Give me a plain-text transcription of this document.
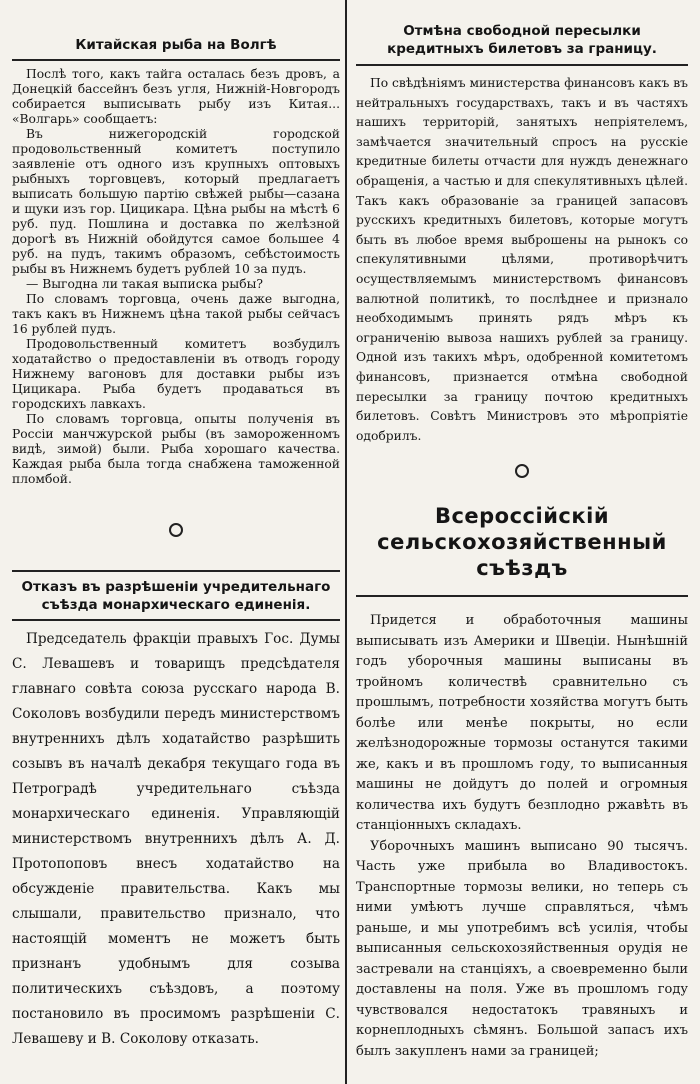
Китайская рыба на Волгѣ

Послѣ того, какъ тайга осталась безъ дровъ, а Донецкій бассейнъ безъ угля, Нижній-Новгородъ собирается выписывать рыбу изъ Китая... «Волгарь» сообщаетъ:

Въ нижегородскій городской продовольственный комитетъ поступило заявленіе отъ одного изъ крупныхъ оптовыхъ рыбныхъ торговцевъ, который предлагаетъ выписать большую партію свѣжей рыбы—сазана и щуки изъ гор. Цицикара. Цѣна рыбы на мѣстѣ 6 руб. пуд. Пошлина и доставка по желѣзной дорогѣ въ Нижній обойдутся самое большее 4 руб. на пудъ, такимъ образомъ, себѣстоимость рыбы въ Нижнемъ будетъ рублей 10 за пудъ.

— Выгодна ли такая выписка рыбы?

По словамъ торговца, очень даже выгодна, такъ какъ въ Нижнемъ цѣна такой рыбы сейчасъ 16 рублей пудъ.

Продовольственный комитетъ возбудилъ ходатайство о предоставленіи въ отводъ городу Нижнему вагоновъ для доставки рыбы изъ Цицикара. Рыба будетъ продаваться въ городскихъ лавкахъ.

По словамъ торговца, опыты полученія въ Россіи манчжурской рыбы (въ замороженномъ видѣ, зимой) были. Рыба хорошаго качества. Каждая рыба была тогда снабжена таможенной пломбой.

Отказъ въ разрѣшеніи учредительнаго съѣзда монархическаго единенія.

Председатель фракціи правыхъ Гос. Думы С. Левашевъ и товарищъ предсѣдателя главнаго совѣта союза русскаго народа В. Соколовъ возбудили передъ министерствомъ внутреннихъ дѣлъ ходатайство разрѣшить созывъ въ началѣ декабря текущаго года въ Петроградѣ учредительнаго съѣзда монархическаго единенія. Управляющій министерствомъ внутреннихъ дѣлъ А. Д. Протопоповъ внесъ ходатайство на обсужденіе правительства. Какъ мы слышали, правительство признало, что настоящій моментъ не можетъ быть признанъ удобнымъ для созыва политическихъ съѣздовъ, а поэтому постановило въ просимомъ разрѣшеніи С. Левашеву и В. Соколову отказать.

Отмѣна свободной пересылки кредитныхъ билетовъ за границу.

По свѣдѣніямъ министерства финансовъ какъ въ нейтральныхъ государствахъ, такъ и въ частяхъ нашихъ территорій, занятыхъ непріятелемъ, замѣчается значительный спросъ на русскіе кредитные билеты отчасти для нуждъ денежнаго обращенія, а частью и для спекулятивныхъ цѣлей. Такъ какъ образованіе за границей запасовъ русскихъ кредитныхъ билетовъ, которые могутъ быть въ любое время выброшены на рынокъ со спекулятивными цѣлями, противорѣчитъ осуществляемымъ министерствомъ финансовъ валютной политикѣ, то послѣднее и признало необходимымъ принять рядъ мѣръ къ ограниченію вывоза нашихъ рублей за границу. Одной изъ такихъ мѣръ, одобренной комитетомъ финансовъ, признается отмѣна свободной пересылки за границу почтою кредитныхъ билетовъ. Совѣтъ Министровъ это мѣропріятіе одобрилъ.

Всероссійскій сельскохозяйственный съѣздъ

Придется и обработочныя машины выписывать изъ Америки и Швеціи. Нынѣшній годъ уборочныя машины выписаны въ тройномъ количествѣ сравнительно съ прошлымъ, потребности хозяйства могутъ быть болѣе или менѣе покрыты, но если желѣзнодорожные тормозы останутся такими же, какъ и въ прошломъ году, то выписанныя машины не дойдутъ до полей и огромныя количества ихъ будутъ безплодно ржавѣть въ станціонныхъ складахъ.

Уборочныхъ машинъ выписано 90 тысячъ. Часть уже прибыла во Владивостокъ. Транспортные тормозы велики, но теперь съ ними умѣютъ лучше справляться, чѣмъ раньше, и мы употребимъ всѣ усилія, чтобы выписанныя сельскохозяйственныя орудія не застревали на станціяхъ, а своевременно были доставлены на поля. Уже въ прошломъ году чувствовался недостатокъ травяныхъ и корнеплодныхъ сѣмянъ. Большой запасъ ихъ былъ закупленъ нами за границей;
